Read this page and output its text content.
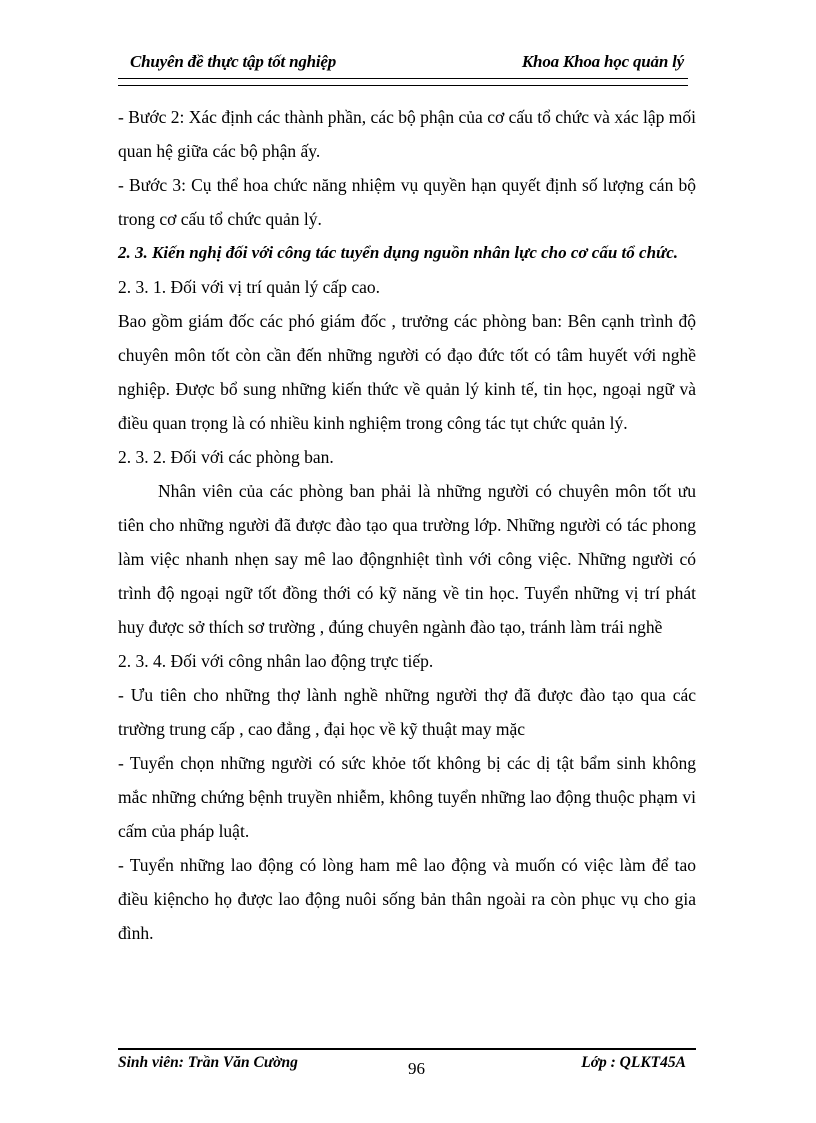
Chuyên đề thực tập tốt nghiệp	Khoa Khoa học quản lý

- Bước 2: Xác định các thành phần, các bộ phận của cơ cấu tổ chức và xác lập mối quan hệ giữa các bộ phận ấy.

- Bước 3: Cụ thể hoa chức năng nhiệm vụ quyền hạn quyết định số lượng cán bộ trong cơ cấu tổ chức quản lý.

2. 3. Kiến nghị đối với công tác tuyển dụng nguồn nhân lực cho cơ cấu tổ chức.

2. 3. 1. Đối với vị trí quản lý cấp cao.

Bao gồm giám đốc các phó giám đốc , trưởng các phòng ban: Bên cạnh trình độ chuyên môn tốt còn cần đến những người có đạo đức tốt có tâm huyết với nghề nghiệp. Được bổ sung những kiến thức về quản lý kinh tế, tin học, ngoại ngữ và điều quan trọng là có nhiều kinh nghiệm trong công tác tụt chức quản lý.

2. 3. 2. Đối với các phòng ban.

Nhân viên của các phòng ban phải là những người có chuyên môn tốt ưu tiên cho những người đã được đào tạo qua trường lớp. Những người có tác phong làm việc nhanh nhẹn say mê lao độngnhiệt tình với công việc. Những người có trình độ ngoại ngữ tốt đồng thới có kỹ năng về tin học. Tuyển những vị trí phát huy được sở thích sơ trường , đúng chuyên ngành đào tạo, tránh làm trái nghề

2. 3. 4. Đối với công nhân lao động trực tiếp.

- Ưu tiên cho những thợ lành nghề những người thợ đã được đào tạo qua các trường trung cấp , cao đẳng , đại học về kỹ thuật may mặc

- Tuyển chọn những người có sức khỏe tốt không bị các dị tật bẩm sinh không mắc những chứng bệnh truyền nhiễm, không tuyển những lao động thuộc phạm vi cấm của pháp luật.

- Tuyển những lao động có lòng ham mê lao động và muốn có việc làm để tao điều kiệncho họ được lao động nuôi sống bản thân ngoài ra còn phục vụ cho gia đình.

Sinh viên: Trần Văn Cường	96	Lớp : QLKT45A
